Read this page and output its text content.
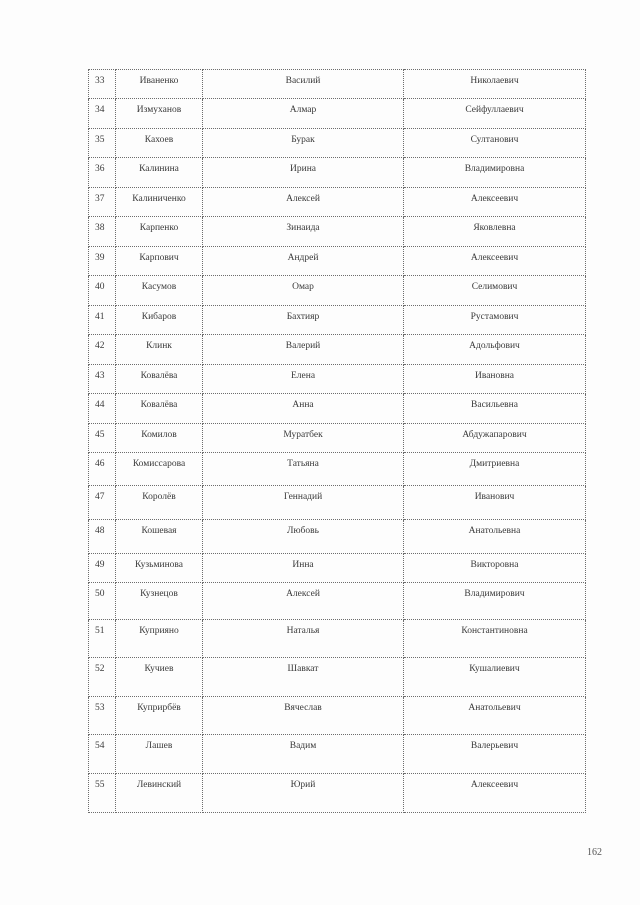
33	Иваненко	Василий	Николаевич
34	Измуханов	Алмар	Сейфуллаевич
35	Кахоев	Бурак	Султанович
36	Калинина	Ирина	Владимировна
37	Калиниченко	Алексей	Алексеевич
38	Карпенко	Зинаида	Яковлевна
39	Карпович	Андрей	Алексеевич
40	Касумов	Омар	Селимович
41	Кибаров	Бахтияр	Рустамович
42	Клинк	Валерий	Адольфович
43	Ковалёва	Елена	Ивановна
44	Ковалёва	Анна	Васильевна
45	Комилов	Муратбек	Абдужапарович
46	Комиссарова	Татьяна	Дмитриевна
47	Королёв	Геннадий	Иванович
48	Кошевая	Любовь	Анатольевна
49	Кузьминова	Инна	Викторовна
50	Кузнецов	Алексей	Владимирович
51	Куприяно	Наталья	Константиновна
52	Кучиев	Шавкат	Кушалиевич
53	Куприрбёв	Вячеслав	Анатольевич
54	Лашев	Вадим	Валерьевич
55	Левинский	Юрий	Алексеевич
162
